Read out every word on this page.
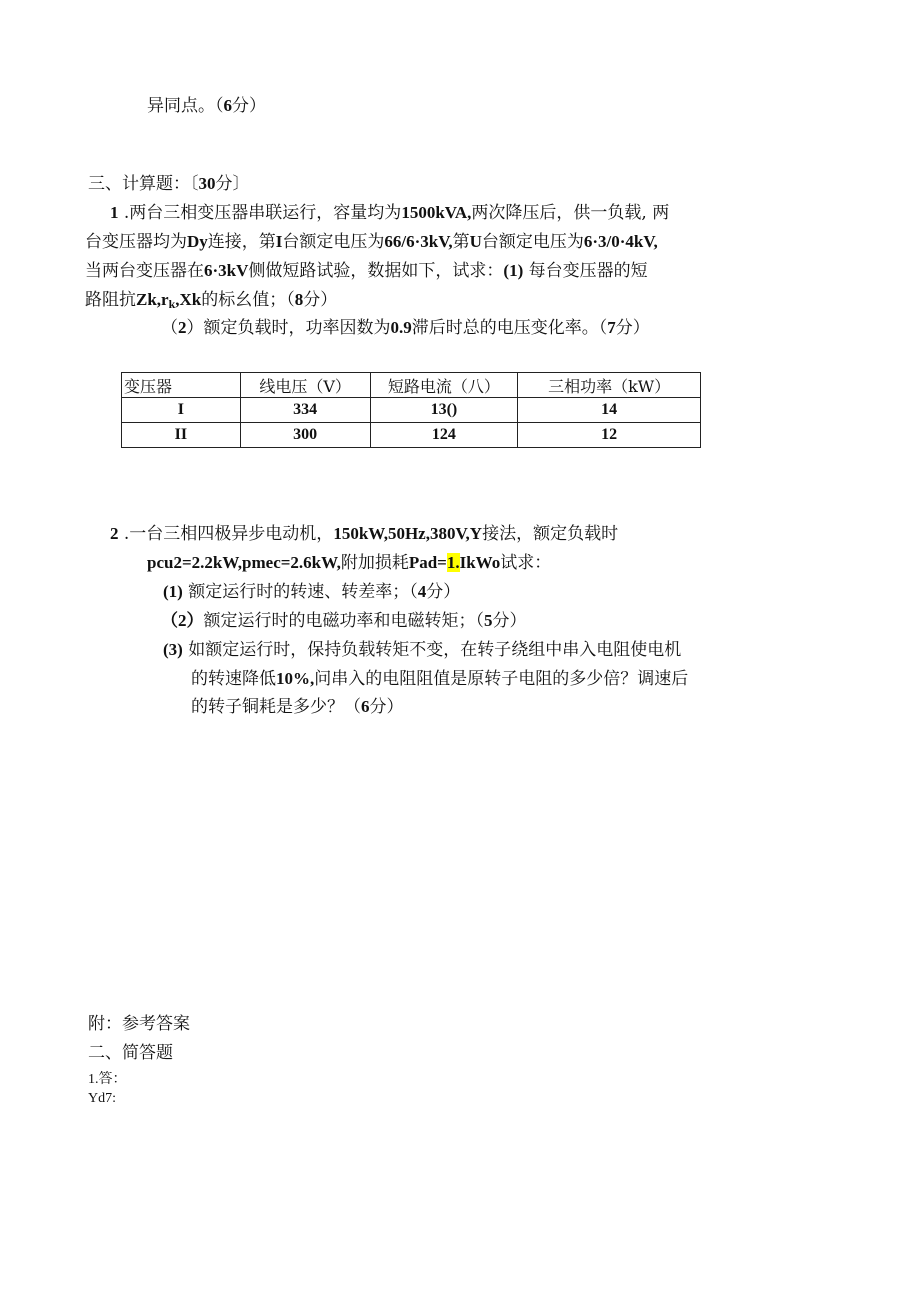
异同点。（6分）
三、计算题：〔30分〕
1 .两台三相变压器串联运行，容量均为1500kVA,两次降压后，供一负载, 两
台变压器均为Dy连接，第I台额定电压为66/6·3kV,第U台额定电压为6·3/0·4kV,
当两台变压器在6·3kV侧做短路试验，数据如下，试求：(1) 每台变压器的短
路阻抗Zk,rk,Xk的标幺值；（8分）
（2）额定负载时，功率因数为0.9滞后时总的电压变化率。（7分）
变压器	线电压（V）	短路电流（八）	三相功率（kW）
I	334	13()	14
II	300	124	12
2 .一台三相四极异步电动机，150kW,50Hz,380V,Y接法，额定负载时
pcu2=2.2kW,pmec=2.6kW,附加损耗Pad=1.IkWo试求：
(1) 额定运行时的转速、转差率；（4分）
（2）额定运行时的电磁功率和电磁转矩；（5分）
(3) 如额定运行时，保持负载转矩不变，在转子绕组中串入电阻使电机
的转速降低10%,问串入的电阻阻值是原转子电阻的多少倍？调速后
的转子铜耗是多少？（6分）
附：参考答案
二、简答题
1.答：
Yd7:
